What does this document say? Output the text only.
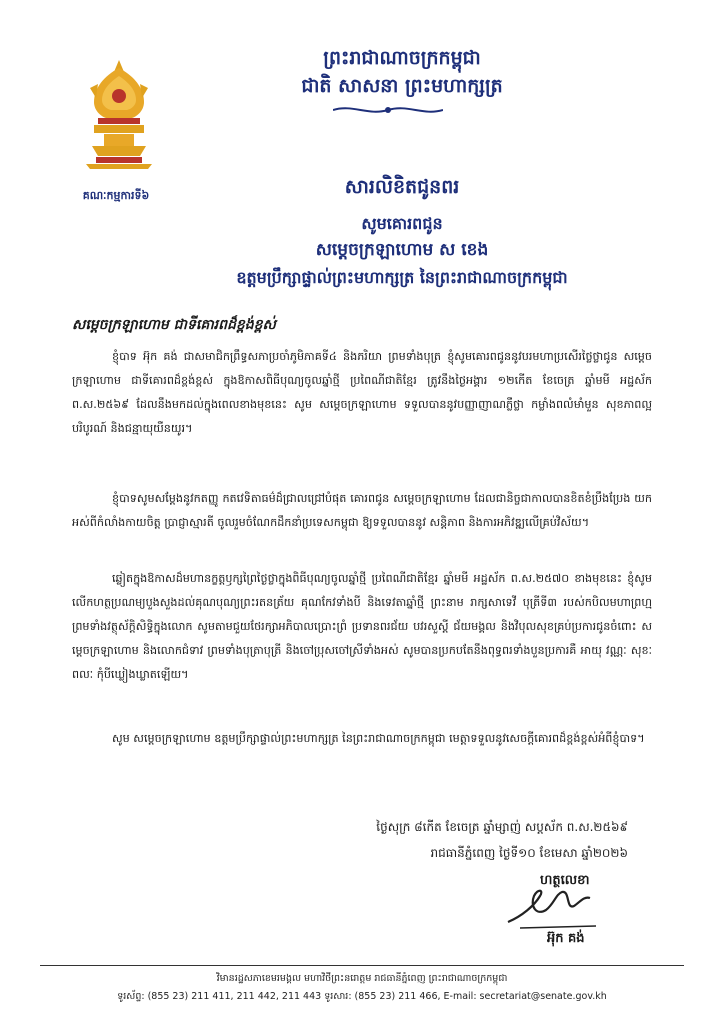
គណៈកម្មការទី៦
ព្រះរាជាណាចក្រកម្ពុជា
ជាតិ សាសនា ព្រះមហាក្សត្រ
សារលិខិតជូនពរ
សូមគោរពជូន
សម្តេចក្រឡាហោម ស ខេង
ឧត្តមប្រឹក្សាផ្ទាល់ព្រះមហាក្សត្រ នៃព្រះរាជាណាចក្រកម្ពុជា
សម្តេចក្រឡាហោម ជាទីគោរពដ៏ខ្ពង់ខ្ពស់
ខ្ញុំបាទ អ៊ុក គង់ ជាសមាជិកព្រឹទ្ធសភាប្រចាំភូមិភាគទី៤ និងភរិយា ព្រមទាំងបុត្រ ខ្ញុំសូមគោរពជូននូវបរមហាប្រសើរថ្លៃថ្លាជូន សម្តេចក្រឡាហោម ជាទីគោរពដ៏ខ្ពង់ខ្ពស់ ក្នុងឱកាសពិធីបុណ្យចូលឆ្នាំថ្មី ប្រពៃណីជាតិខ្មែរ ត្រូវនឹងថ្ងៃអង្គារ ១២កើត ខែចេត្រ ឆ្នាំមមី អដ្ឋស័ក ព.ស.២៥៦៩ ដែលនឹងមកដល់ក្នុងពេលខាងមុខនេះ សូម សម្តេចក្រឡាហោម ទទួលបាននូវបញ្ញាញាណភ្លឺថ្លា កម្លាំងពលំមាំមួន សុខភាពល្អបរិបូរណ៍ និងជន្មាយុយឺនយូរ។
ខ្ញុំបាទសូមសម្តែងនូវកតញ្ញូ កតវេទិតាធម៌ដ៏ជ្រាលជ្រៅបំផុត គោរពជូន សម្តេចក្រឡាហោម ដែលជានិច្ចជាកាលបានខិតខំប្រឹងប្រែង យកអស់ពីកំលាំងកាយចិត្ត ប្រាជ្ញាស្មារតី ចូលរួមចំណែកដឹកនាំប្រទេសកម្ពុជា ឱ្យទទួលបាននូវ សន្តិភាព និងការអភិវឌ្ឍលើគ្រប់វិស័យ។
ឆ្លៀតក្នុងឱកាសដ៏មហានក្ខត្តឫក្សព្រៃថ្ងៃថ្លាក្នុងពិធីបុណ្យចូលឆ្នាំថ្មី ប្រពៃណីជាតិខ្មែរ ឆ្នាំមមី អដ្ឋស័ក ព.ស.២៥៧០ ខាងមុខនេះ ខ្ញុំសូមលើកហត្ថប្រណម្យបួងសួងដល់គុណបុណ្យព្រះរតនត្រ័យ គុណកែវទាំងបី និងទេវតាឆ្នាំថ្មី ព្រះនាម រាក្សសាទេវី បុត្រីទី៣ របស់កបិលមហាព្រហ្ម ព្រមទាំងវត្ថុស័ក្តិសិទ្ធិក្នុងលោក សូមតាមជួយថែរក្សាអភិបាលប្រោះព្រំ ប្រទានពរជ័យ បវរសួស្តី ជ័យមង្គល និងវិបុលសុខគ្រប់ប្រការជូនចំពោះ សម្តេចក្រឡាហោម និងលោកជំទាវ ព្រមទាំងបុត្រាបុត្រី និងចៅប្រុសចៅស្រីទាំងអស់ សូមបានប្រកបតែនឹងពុទ្ធពរទាំងបួនប្រការគឺ អាយុ វណ្ណៈ សុខៈ ពលៈ កុំបីឃ្លៀងឃ្លាតឡើយ។
សូម សម្តេចក្រឡាហោម ឧត្តមប្រឹក្សាផ្ទាល់ព្រះមហាក្សត្រ នៃព្រះរាជាណាចក្រកម្ពុជា មេត្តាទទួលនូវសេចក្តីគោរពដ៏ខ្ពង់ខ្ពស់អំពីខ្ញុំបាទ។
ថ្ងៃសុក្រ ៨កើត ខែចេត្រ ឆ្នាំម្សាញ់ សប្តស័ក ព.ស.២៥៦៩
រាជធានីភ្នំពេញ ថ្ងៃទី១០ ខែមេសា ឆ្នាំ២០២៦
ហត្ថលេខា
អ៊ុក គង់
វិមានរដ្ឋសភាខេមរមង្គល មហាវិថីព្រះនរោត្តម រាជធានីភ្នំពេញ ព្រះរាជាណាចក្រកម្ពុជា
ទូរស័ព្ទ: (855 23) 211 411, 211 442, 211 443 ទូរសារ: (855 23) 211 466, E-mail: secretariat@senate.gov.kh
